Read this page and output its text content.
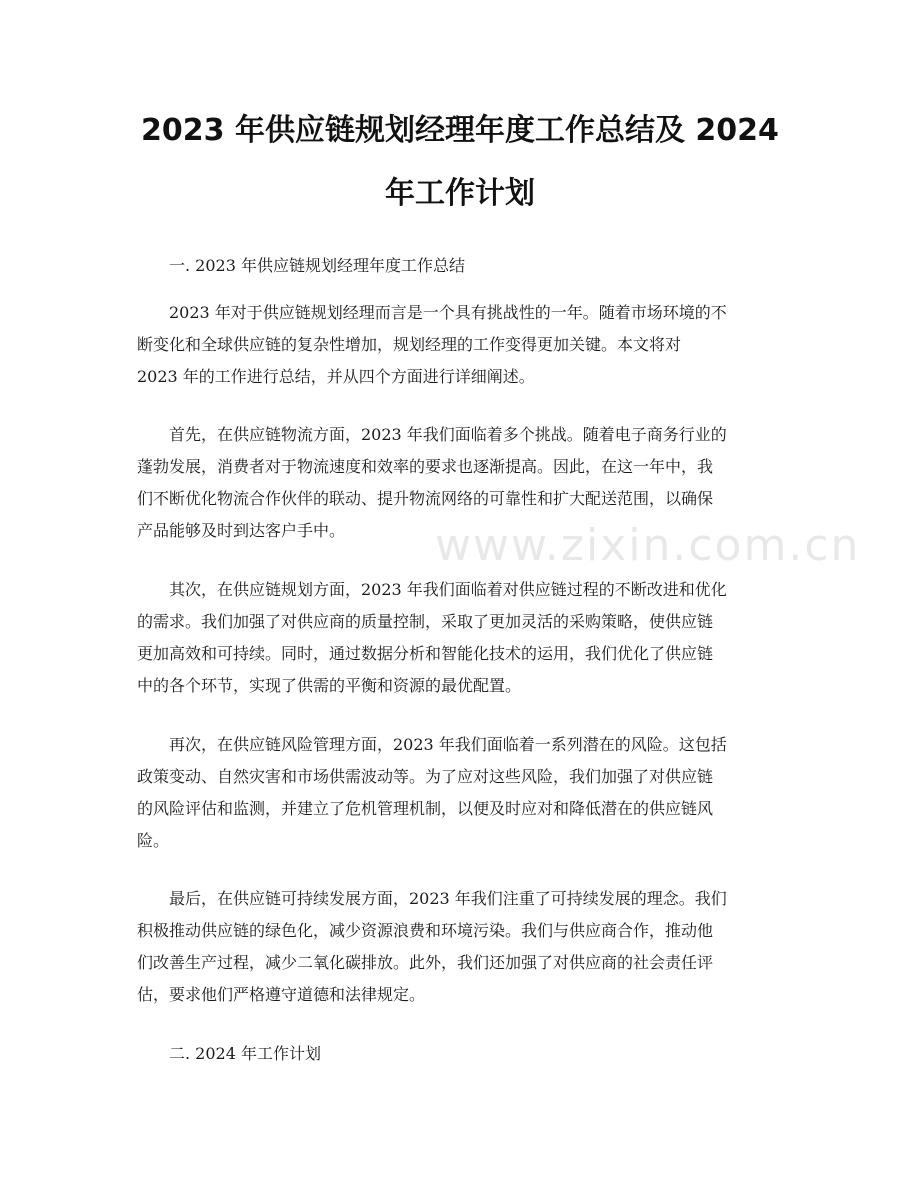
2023 年供应链规划经理年度工作总结及 2024
年工作计划

一. 2023 年供应链规划经理年度工作总结

2023 年对于供应链规划经理而言是一个具有挑战性的一年。随着市场环境的不
断变化和全球供应链的复杂性增加，规划经理的工作变得更加关键。本文将对
2023 年的工作进行总结，并从四个方面进行详细阐述。

首先，在供应链物流方面，2023 年我们面临着多个挑战。随着电子商务行业的
蓬勃发展，消费者对于物流速度和效率的要求也逐渐提高。因此，在这一年中，我
们不断优化物流合作伙伴的联动、提升物流网络的可靠性和扩大配送范围，以确保
产品能够及时到达客户手中。

其次，在供应链规划方面，2023 年我们面临着对供应链过程的不断改进和优化
的需求。我们加强了对供应商的质量控制，采取了更加灵活的采购策略，使供应链
更加高效和可持续。同时，通过数据分析和智能化技术的运用，我们优化了供应链
中的各个环节，实现了供需的平衡和资源的最优配置。

再次，在供应链风险管理方面，2023 年我们面临着一系列潜在的风险。这包括
政策变动、自然灾害和市场供需波动等。为了应对这些风险，我们加强了对供应链
的风险评估和监测，并建立了危机管理机制，以便及时应对和降低潜在的供应链风
险。

最后，在供应链可持续发展方面，2023 年我们注重了可持续发展的理念。我们
积极推动供应链的绿色化，减少资源浪费和环境污染。我们与供应商合作，推动他
们改善生产过程，减少二氧化碳排放。此外，我们还加强了对供应商的社会责任评
估，要求他们严格遵守道德和法律规定。

二. 2024 年工作计划

www.zixin.com.cn
